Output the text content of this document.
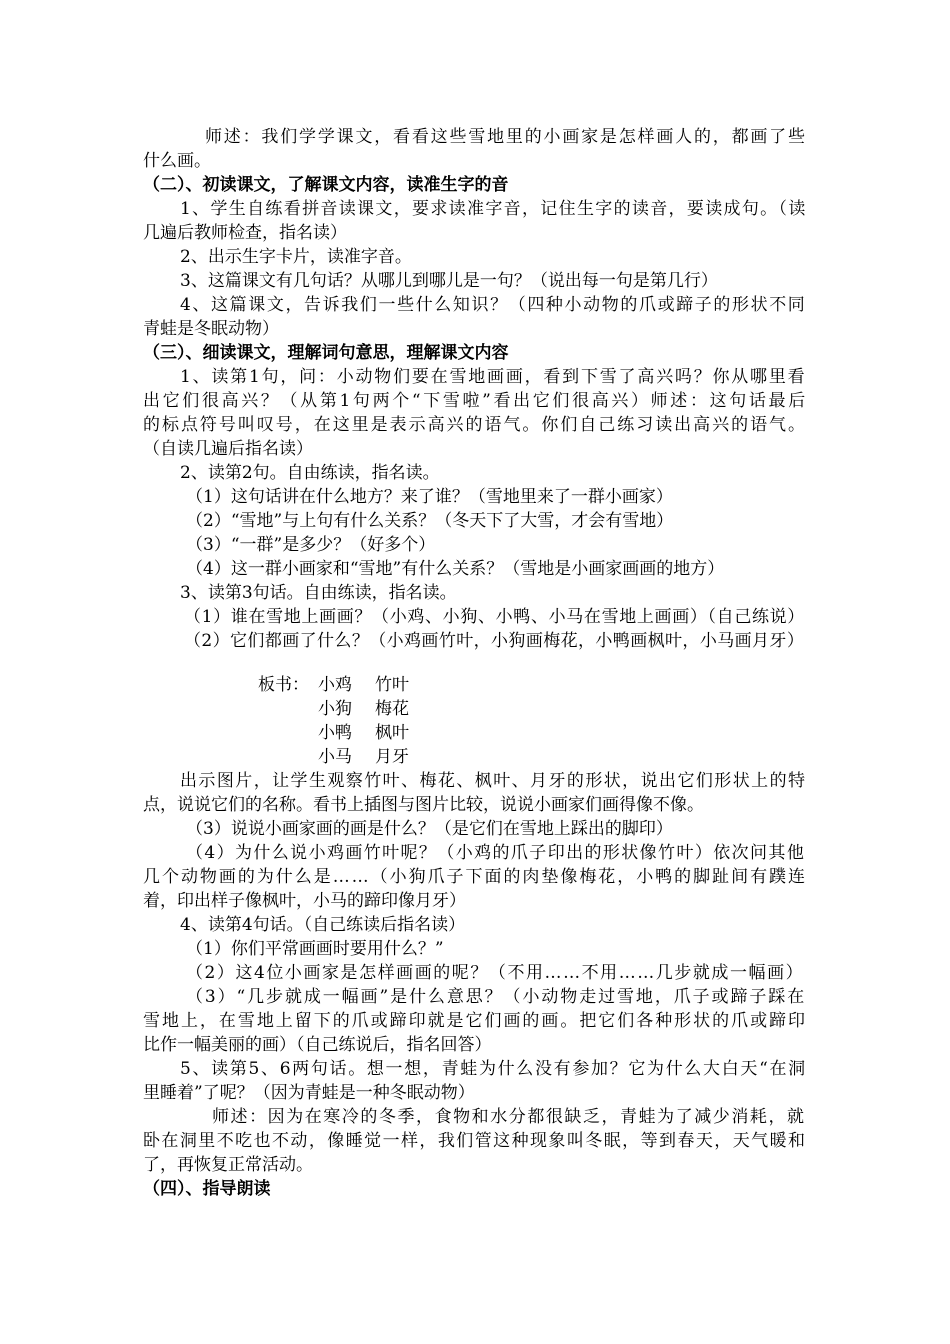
师述：我们学学课文，看看这些雪地里的小画家是怎样画人的，都画了些
什么画。
（二）、初读课文，了解课文内容，读准生字的音
1、学生自练看拼音读课文，要求读准字音，记住生字的读音，要读成句。（读
几遍后教师检查，指名读）
2、出示生字卡片，读准字音。
3、这篇课文有几句话？从哪儿到哪儿是一句？（说出每一句是第几行）
4、这篇课文，告诉我们一些什么知识？（四种小动物的爪或蹄子的形状不同
青蛙是冬眠动物）
（三）、细读课文，理解词句意思，理解课文内容
1、读第1句，问：小动物们要在雪地画画，看到下雪了高兴吗？你从哪里看
出它们很高兴？（从第1句两个“下雪啦”看出它们很高兴）师述：这句话最后
的标点符号叫叹号，在这里是表示高兴的语气。你们自己练习读出高兴的语气。
（自读几遍后指名读）
2、读第2句。自由练读，指名读。
（1）这句话讲在什么地方？来了谁？（雪地里来了一群小画家）
（2）“雪地”与上句有什么关系？（冬天下了大雪，才会有雪地）
（3）“一群”是多少？（好多个）
（4）这一群小画家和“雪地”有什么关系？（雪地是小画家画画的地方）
3、读第3句话。自由练读，指名读。
（1）谁在雪地上画画？（小鸡、小狗、小鸭、小马在雪地上画画）（自己练说）
（2）它们都画了什么？（小鸡画竹叶，小狗画梅花，小鸭画枫叶，小马画月牙）
出示图片，让学生观察竹叶、梅花、枫叶、月牙的形状，说出它们形状上的特
点，说说它们的名称。看书上插图与图片比较，说说小画家们画得像不像。
（3）说说小画家画的画是什么？（是它们在雪地上踩出的脚印）
（4）为什么说小鸡画竹叶呢？（小鸡的爪子印出的形状像竹叶）依次问其他
几个动物画的为什么是……（小狗爪子下面的肉垫像梅花，小鸭的脚趾间有蹼连
着，印出样子像枫叶，小马的蹄印像月牙）
4、读第4句话。（自己练读后指名读）
（1）你们平常画画时要用什么？”
（2）这4位小画家是怎样画画的呢？（不用……不用……几步就成一幅画）
（3）“几步就成一幅画”是什么意思？（小动物走过雪地，爪子或蹄子踩在
雪地上，在雪地上留下的爪或蹄印就是它们画的画。把它们各种形状的爪或蹄印
比作一幅美丽的画）（自己练说后，指名回答）
5、读第5、6两句话。想一想，青蛙为什么没有参加？它为什么大白天“在洞
里睡着”了呢？（因为青蛙是一种冬眠动物）
师述：因为在寒冷的冬季，食物和水分都很缺乏，青蛙为了减少消耗，就
卧在洞里不吃也不动，像睡觉一样，我们管这种现象叫冬眠，等到春天，天气暖和
了，再恢复正常活动。
（四）、指导朗读
板书： 小鸡 竹叶
小狗 梅花
小鸭 枫叶
小马 月牙
